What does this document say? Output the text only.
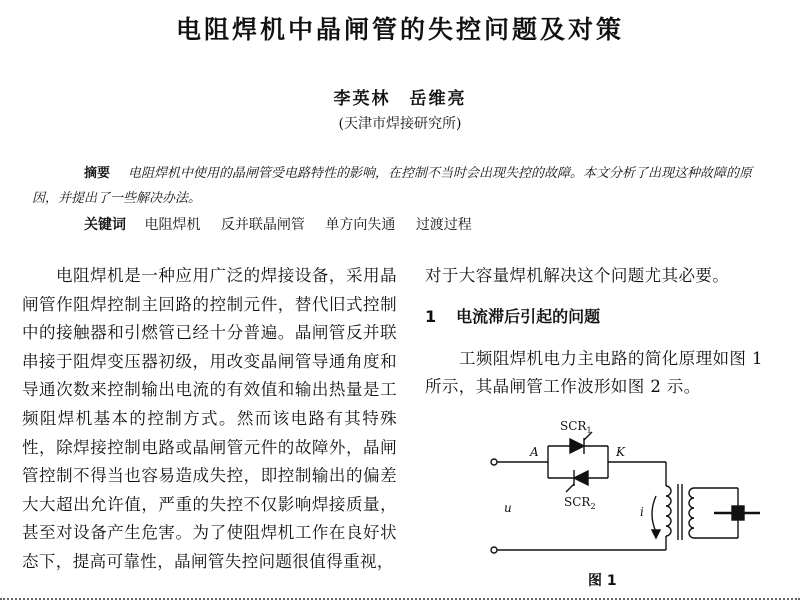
电阻焊机中晶闸管的失控问题及对策
李英林　岳维亮
(天津市焊接研究所)
摘要 电阻焊机中使用的晶闸管受电路特性的影响，在控制不当时会出现失控的故障。本文分析了出现这种故障的原因，并提出了一些解决办法。
关键词 电阻焊机 反并联晶闸管 单方向失通 过渡过程
电阻焊机是一种应用广泛的焊接设备，采用晶闸管作阻焊控制主回路的控制元件，替代旧式控制中的接触器和引燃管已经十分普遍。晶闸管反并联串接于阻焊变压器初级，用改变晶闸管导通角度和导通次数来控制输出电流的有效值和输出热量是工频阻焊机基本的控制方式。然而该电路有其特殊性，除焊接控制电路或晶闸管元件的故障外，晶闸管控制不得当也容易造成失控，即控制输出的偏差大大超出允许值，严重的失控不仅影响焊接质量，甚至对设备产生危害。为了使阻焊机工作在良好状态下，提高可靠性，晶闸管失控问题很值得重视，
对于大容量焊机解决这个问题尤其必要。
1 电流滞后引起的问题
工频阻焊机电力主电路的简化原理如图 1 所示，其晶闸管工作波形如图 2 示。
$SCR_1$
$SCR_2$
A	K
u	i
图 1
